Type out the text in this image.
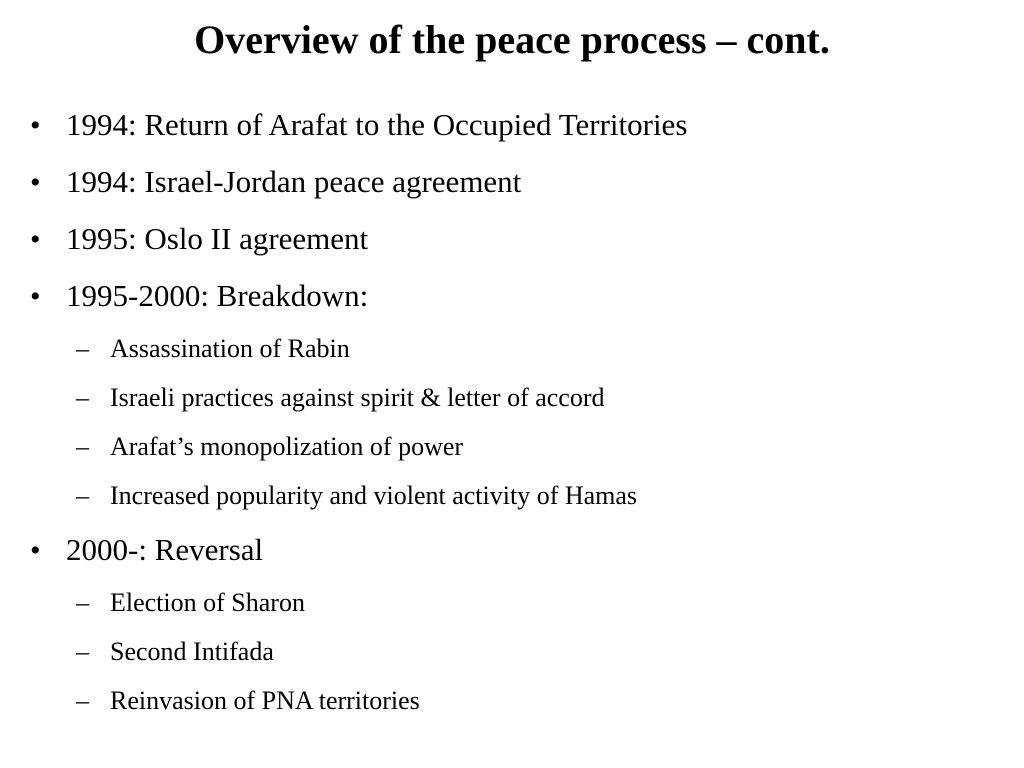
Overview of the peace process – cont.
• 1994: Return of Arafat to the Occupied Territories
• 1994: Israel-Jordan peace agreement
• 1995: Oslo II agreement
• 1995-2000: Breakdown:
– Assassination of Rabin
– Israeli practices against spirit & letter of accord
– Arafat’s monopolization of power
– Increased popularity and violent activity of Hamas
• 2000-: Reversal
– Election of Sharon
– Second Intifada
– Reinvasion of PNA territories
